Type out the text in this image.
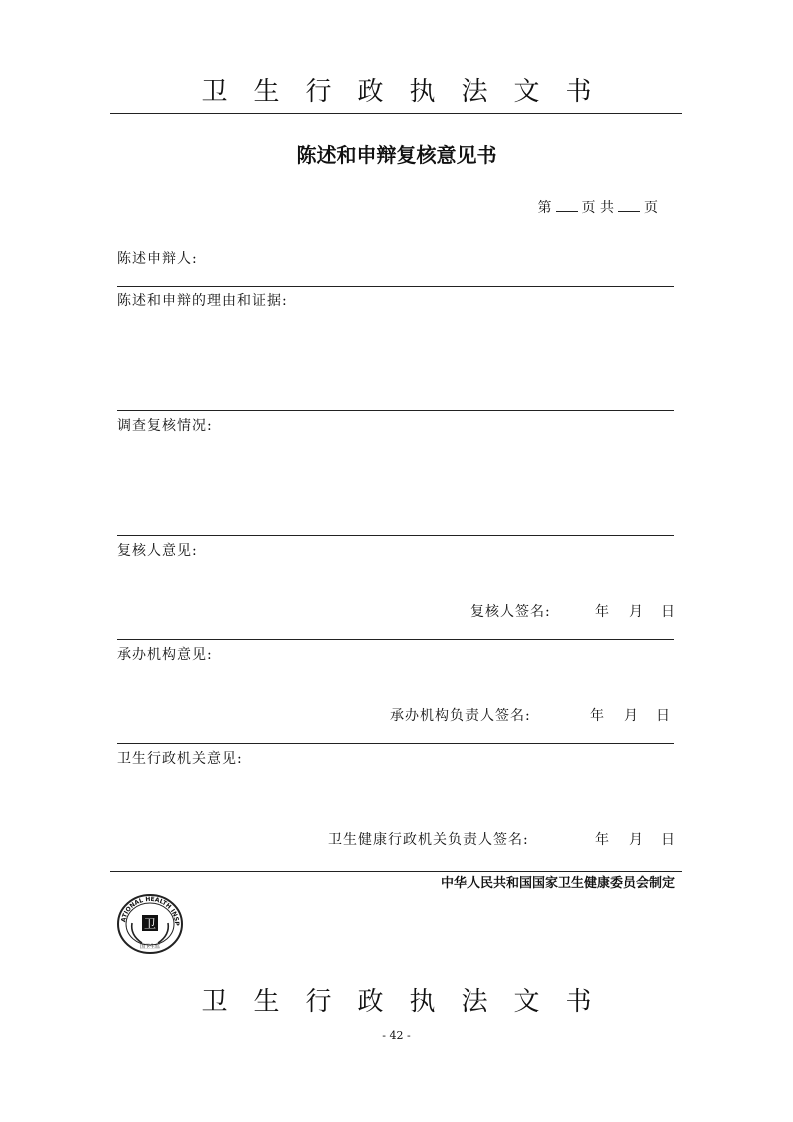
卫生行政执法文书
陈述和申辩复核意见书
第 页 共 页
陈述申辩人:
陈述和申辩的理由和证据:
调查复核情况:
复核人意见:
复核人签名:	年 月 日
承办机构意见:
承办机构负责人签名:	年 月 日
卫生行政机关意见:
卫生健康行政机关负责人签名:	年 月 日
中华人民共和国国家卫生健康委员会制定
ATIONAL HEALTH INSP
卫
国卫生监
卫生行政执法文书
- 42 -
